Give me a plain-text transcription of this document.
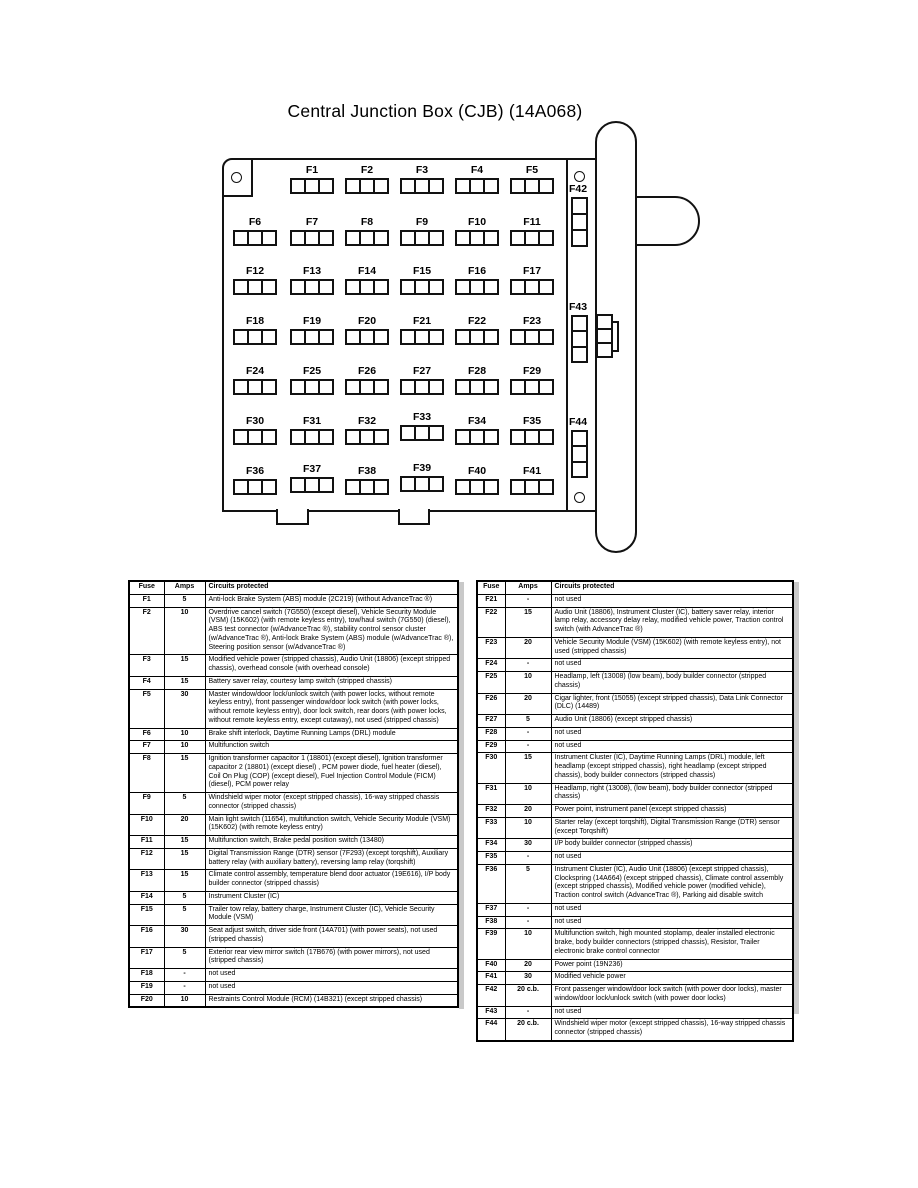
Central Junction Box (CJB) (14A068)
F1	F2	F3	F4	F5
F6	F7	F8	F9	F10	F11
F12	F13	F14	F15	F16	F17
F18	F19	F20	F21	F22	F23
F24	F25	F26	F27	F28	F29
F30	F31	F32	F33	F34	F35
F36	F37	F38	F39	F40	F41
F42
F43
F44
Fuse	Amps	Circuits protected
F1	5	Anti-lock Brake System (ABS) module (2C219) (without AdvanceTrac ®)
F2	10	Overdrive cancel switch (7G550) (except diesel), Vehicle Security Module (VSM) (15K602) (with remote keyless entry), tow/haul switch (7G550) (diesel), ABS test connector (w/AdvanceTrac ®), stability control sensor cluster (w/AdvanceTrac ®), Anti-lock Brake System (ABS) module (w/AdvanceTrac ®), Steering position sensor (w/AdvanceTrac ®)
F3	15	Modified vehicle power (stripped chassis), Audio Unit (18806) (except stripped chassis), overhead console (with overhead console)
F4	15	Battery saver relay, courtesy lamp switch (stripped chassis)
F5	30	Master window/door lock/unlock switch (with power locks, without remote keyless entry), front passenger window/door lock switch (with power locks, without remote keyless entry), door lock switch, rear doors (with power locks, without remote keyless entry, except cutaway), not used (stripped chassis)
F6	10	Brake shift interlock, Daytime Running Lamps (DRL) module
F7	10	Multifunction switch
F8	15	Ignition transformer capacitor 1 (18801) (except diesel), Ignition transformer capacitor 2 (18801) (except diesel) , PCM power diode, fuel heater (diesel), Coil On Plug (COP) (except diesel), Fuel Injection Control Module (FICM) (diesel), PCM power relay
F9	5	Windshield wiper motor (except stripped chassis), 16-way stripped chassis connector (stripped chassis)
F10	20	Main light switch (11654), multifunction switch, Vehicle Security Module (VSM) (15K602) (with remote keyless entry)
F11	15	Multifunction switch, Brake pedal position switch (13480)
F12	15	Digital Transmission Range (DTR) sensor (7F293) (except torqshift), Auxiliary battery relay (with auxiliary battery), reversing lamp relay (torqshift)
F13	15	Climate control assembly, temperature blend door actuator (19E616), I/P body builder connector (stripped chassis)
F14	5	Instrument Cluster (IC)
F15	5	Trailer tow relay, battery charge, Instrument Cluster (IC), Vehicle Security Module (VSM)
F16	30	Seat adjust switch, driver side front (14A701) (with power seats), not used (stripped chassis)
F17	5	Exterior rear view mirror switch (17B676) (with power mirrors), not used (stripped chassis)
F18	-	not used
F19	-	not used
F20	10	Restraints Control Module (RCM) (14B321) (except stripped chassis)
Fuse	Amps	Circuits protected
F21	-	not used
F22	15	Audio Unit (18806), Instrument Cluster (IC), battery saver relay, interior lamp relay, accessory delay relay, modified vehicle power, Traction control switch (with AdvanceTrac ®)
F23	20	Vehicle Security Module (VSM) (15K602) (with remote keyless entry), not used (stripped chassis)
F24	-	not used
F25	10	Headlamp, left (13008) (low beam), body builder connector (stripped chassis)
F26	20	Cigar lighter, front (15055) (except stripped chassis), Data Link Connector (DLC) (14489)
F27	5	Audio Unit (18806) (except stripped chassis)
F28	-	not used
F29	-	not used
F30	15	Instrument Cluster (IC), Daytime Running Lamps (DRL) module, left headlamp (except stripped chassis), right headlamp (except stripped chassis), body builder connectors (stripped chassis)
F31	10	Headlamp, right (13008), (low beam), body builder connector (stripped chassis)
F32	20	Power point, instrument panel (except stripped chassis)
F33	10	Starter relay (except torqshift), Digital Transmission Range (DTR) sensor (except Torqshift)
F34	30	I/P body builder connector (stripped chassis)
F35	-	not used
F36	5	Instrument Cluster (IC), Audio Unit (18806) (except stripped chassis), Clockspring (14A664) (except stripped chassis), Climate control assembly (except stripped chassis), Modified vehicle power (modified vehicle), Traction control switch (AdvanceTrac ®), Parking aid disable switch
F37	-	not used
F38	-	not used
F39	10	Multifunction switch, high mounted stoplamp, dealer installed electronic brake, body builder connectors (stripped chassis), Resistor, Trailer electronic brake control connector
F40	20	Power point (19N236)
F41	30	Modified vehicle power
F42	20 c.b.	Front passenger window/door lock switch (with power door locks), master window/door lock/unlock switch (with power door locks)
F43	-	not used
F44	20 c.b.	Windshield wiper motor (except stripped chassis), 16-way stripped chassis connector (stripped chassis)
